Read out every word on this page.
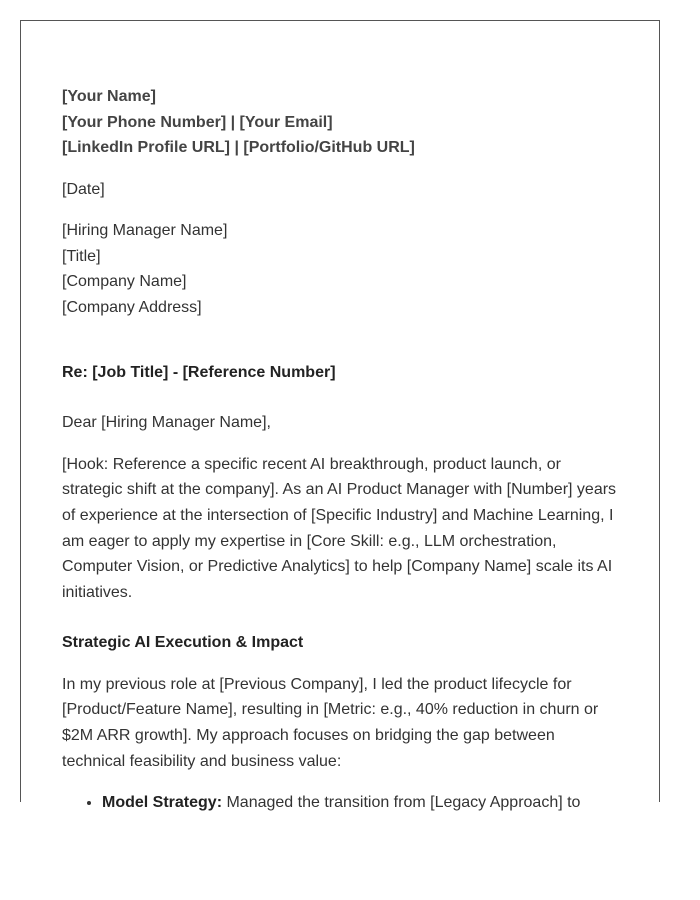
[Your Name]
[Your Phone Number] | [Your Email]
[LinkedIn Profile URL] | [Portfolio/GitHub URL]
[Date]
[Hiring Manager Name]
[Title]
[Company Name]
[Company Address]
Re: [Job Title] - [Reference Number]
Dear [Hiring Manager Name],
[Hook: Reference a specific recent AI breakthrough, product launch, or strategic shift at the company]. As an AI Product Manager with [Number] years of experience at the intersection of [Specific Industry] and Machine Learning, I am eager to apply my expertise in [Core Skill: e.g., LLM orchestration, Computer Vision, or Predictive Analytics] to help [Company Name] scale its AI initiatives.
Strategic AI Execution & Impact
In my previous role at [Previous Company], I led the product lifecycle for [Product/Feature Name], resulting in [Metric: e.g., 40% reduction in churn or $2M ARR growth]. My approach focuses on bridging the gap between technical feasibility and business value:
• Model Strategy: Managed the transition from [Legacy Approach] to
